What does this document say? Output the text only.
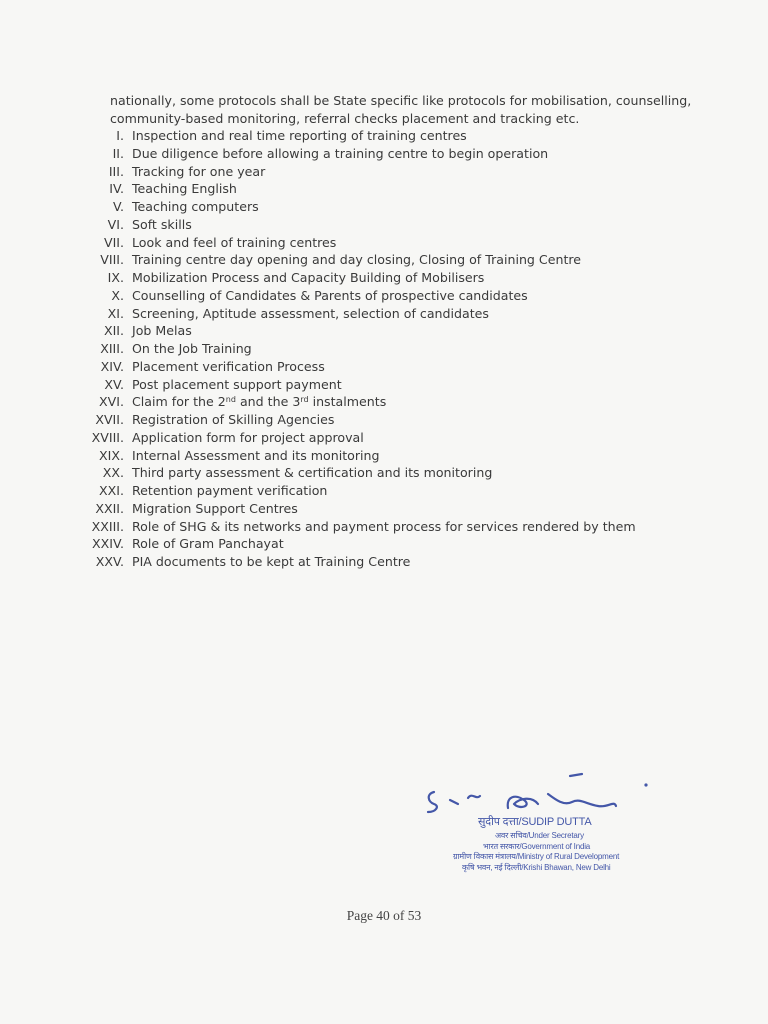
nationally, some protocols shall be State specific like protocols for mobilisation, counselling, community-based monitoring, referral checks placement and tracking etc.
I. Inspection and real time reporting of training centres
II. Due diligence before allowing a training centre to begin operation
III. Tracking for one year
IV. Teaching English
V. Teaching computers
VI. Soft skills
VII. Look and feel of training centres
VIII. Training centre day opening and day closing, Closing of Training Centre
IX. Mobilization Process and Capacity Building of Mobilisers
X. Counselling of Candidates & Parents of prospective candidates
XI. Screening, Aptitude assessment, selection of candidates
XII. Job Melas
XIII. On the Job Training
XIV. Placement verification Process
XV. Post placement support payment
XVI. Claim for the 2nd and the 3rd instalments
XVII. Registration of Skilling Agencies
XVIII. Application form for project approval
XIX. Internal Assessment and its monitoring
XX. Third party assessment & certification and its monitoring
XXI. Retention payment verification
XXII. Migration Support Centres
XXIII. Role of SHG & its networks and payment process for services rendered by them
XXIV. Role of Gram Panchayat
XXV. PIA documents to be kept at Training Centre
सुदीप दत्ता/SUDIP DUTTA
अवर सचिव/Under Secretary
भारत सरकार/Government of India
ग्रामीण विकास मंत्रालय/Ministry of Rural Development
कृषि भवन, नई दिल्ली/Krishi Bhawan, New Delhi
Page 40 of 53
